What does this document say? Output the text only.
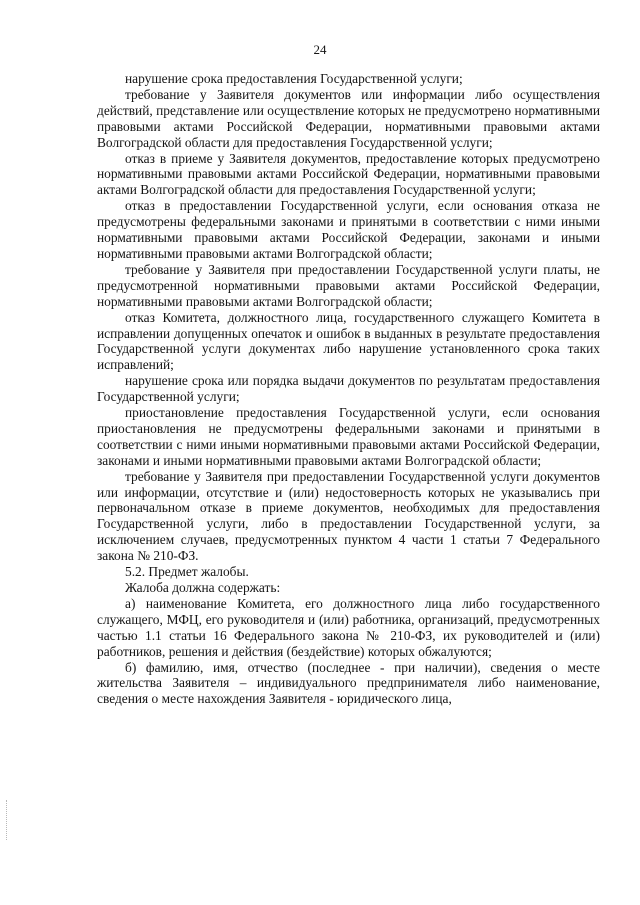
24

нарушение срока предоставления Государственной услуги;

требование у Заявителя документов или информации либо осуществления действий, представление или осуществление которых не предусмотрено нормативными правовыми актами Российской Федерации, нормативными правовыми актами Волгоградской области для предоставления Государственной услуги;

отказ в приеме у Заявителя документов, предоставление которых предусмотрено нормативными правовыми актами Российской Федерации, нормативными правовыми актами Волгоградской области для предоставления Государственной услуги;

отказ в предоставлении Государственной услуги, если основания отказа не предусмотрены федеральными законами и принятыми в соответствии с ними иными нормативными правовыми актами Российской Федерации, законами и иными нормативными правовыми актами Волгоградской области;

требование у Заявителя при предоставлении Государственной услуги платы, не предусмотренной нормативными правовыми актами Российской Федерации, нормативными правовыми актами Волгоградской области;

отказ Комитета, должностного лица, государственного служащего Комитета в исправлении допущенных опечаток и ошибок в выданных в результате предоставления Государственной услуги документах либо нарушение установленного срока таких исправлений;

нарушение срока или порядка выдачи документов по результатам предоставления Государственной услуги;

приостановление предоставления Государственной услуги, если основания приостановления не предусмотрены федеральными законами и принятыми в соответствии с ними иными нормативными правовыми актами Российской Федерации, законами и иными нормативными правовыми актами Волгоградской области;

требование у Заявителя при предоставлении Государственной услуги документов или информации, отсутствие и (или) недостоверность которых не указывались при первоначальном отказе в приеме документов, необходимых для предоставления Государственной услуги, либо в предоставлении Государственной услуги, за исключением случаев, предусмотренных пунктом 4 части 1 статьи 7 Федерального закона № 210-ФЗ.

5.2. Предмет жалобы.

Жалоба должна содержать:

а) наименование Комитета, его должностного лица либо государственного служащего, МФЦ, его руководителя и (или) работника, организаций, предусмотренных частью 1.1 статьи 16 Федерального закона № 210-ФЗ, их руководителей и (или) работников, решения и действия (бездействие) которых обжалуются;

б) фамилию, имя, отчество (последнее - при наличии), сведения о месте жительства Заявителя – индивидуального предпринимателя либо наименование, сведения о месте нахождения Заявителя - юридического лица,
